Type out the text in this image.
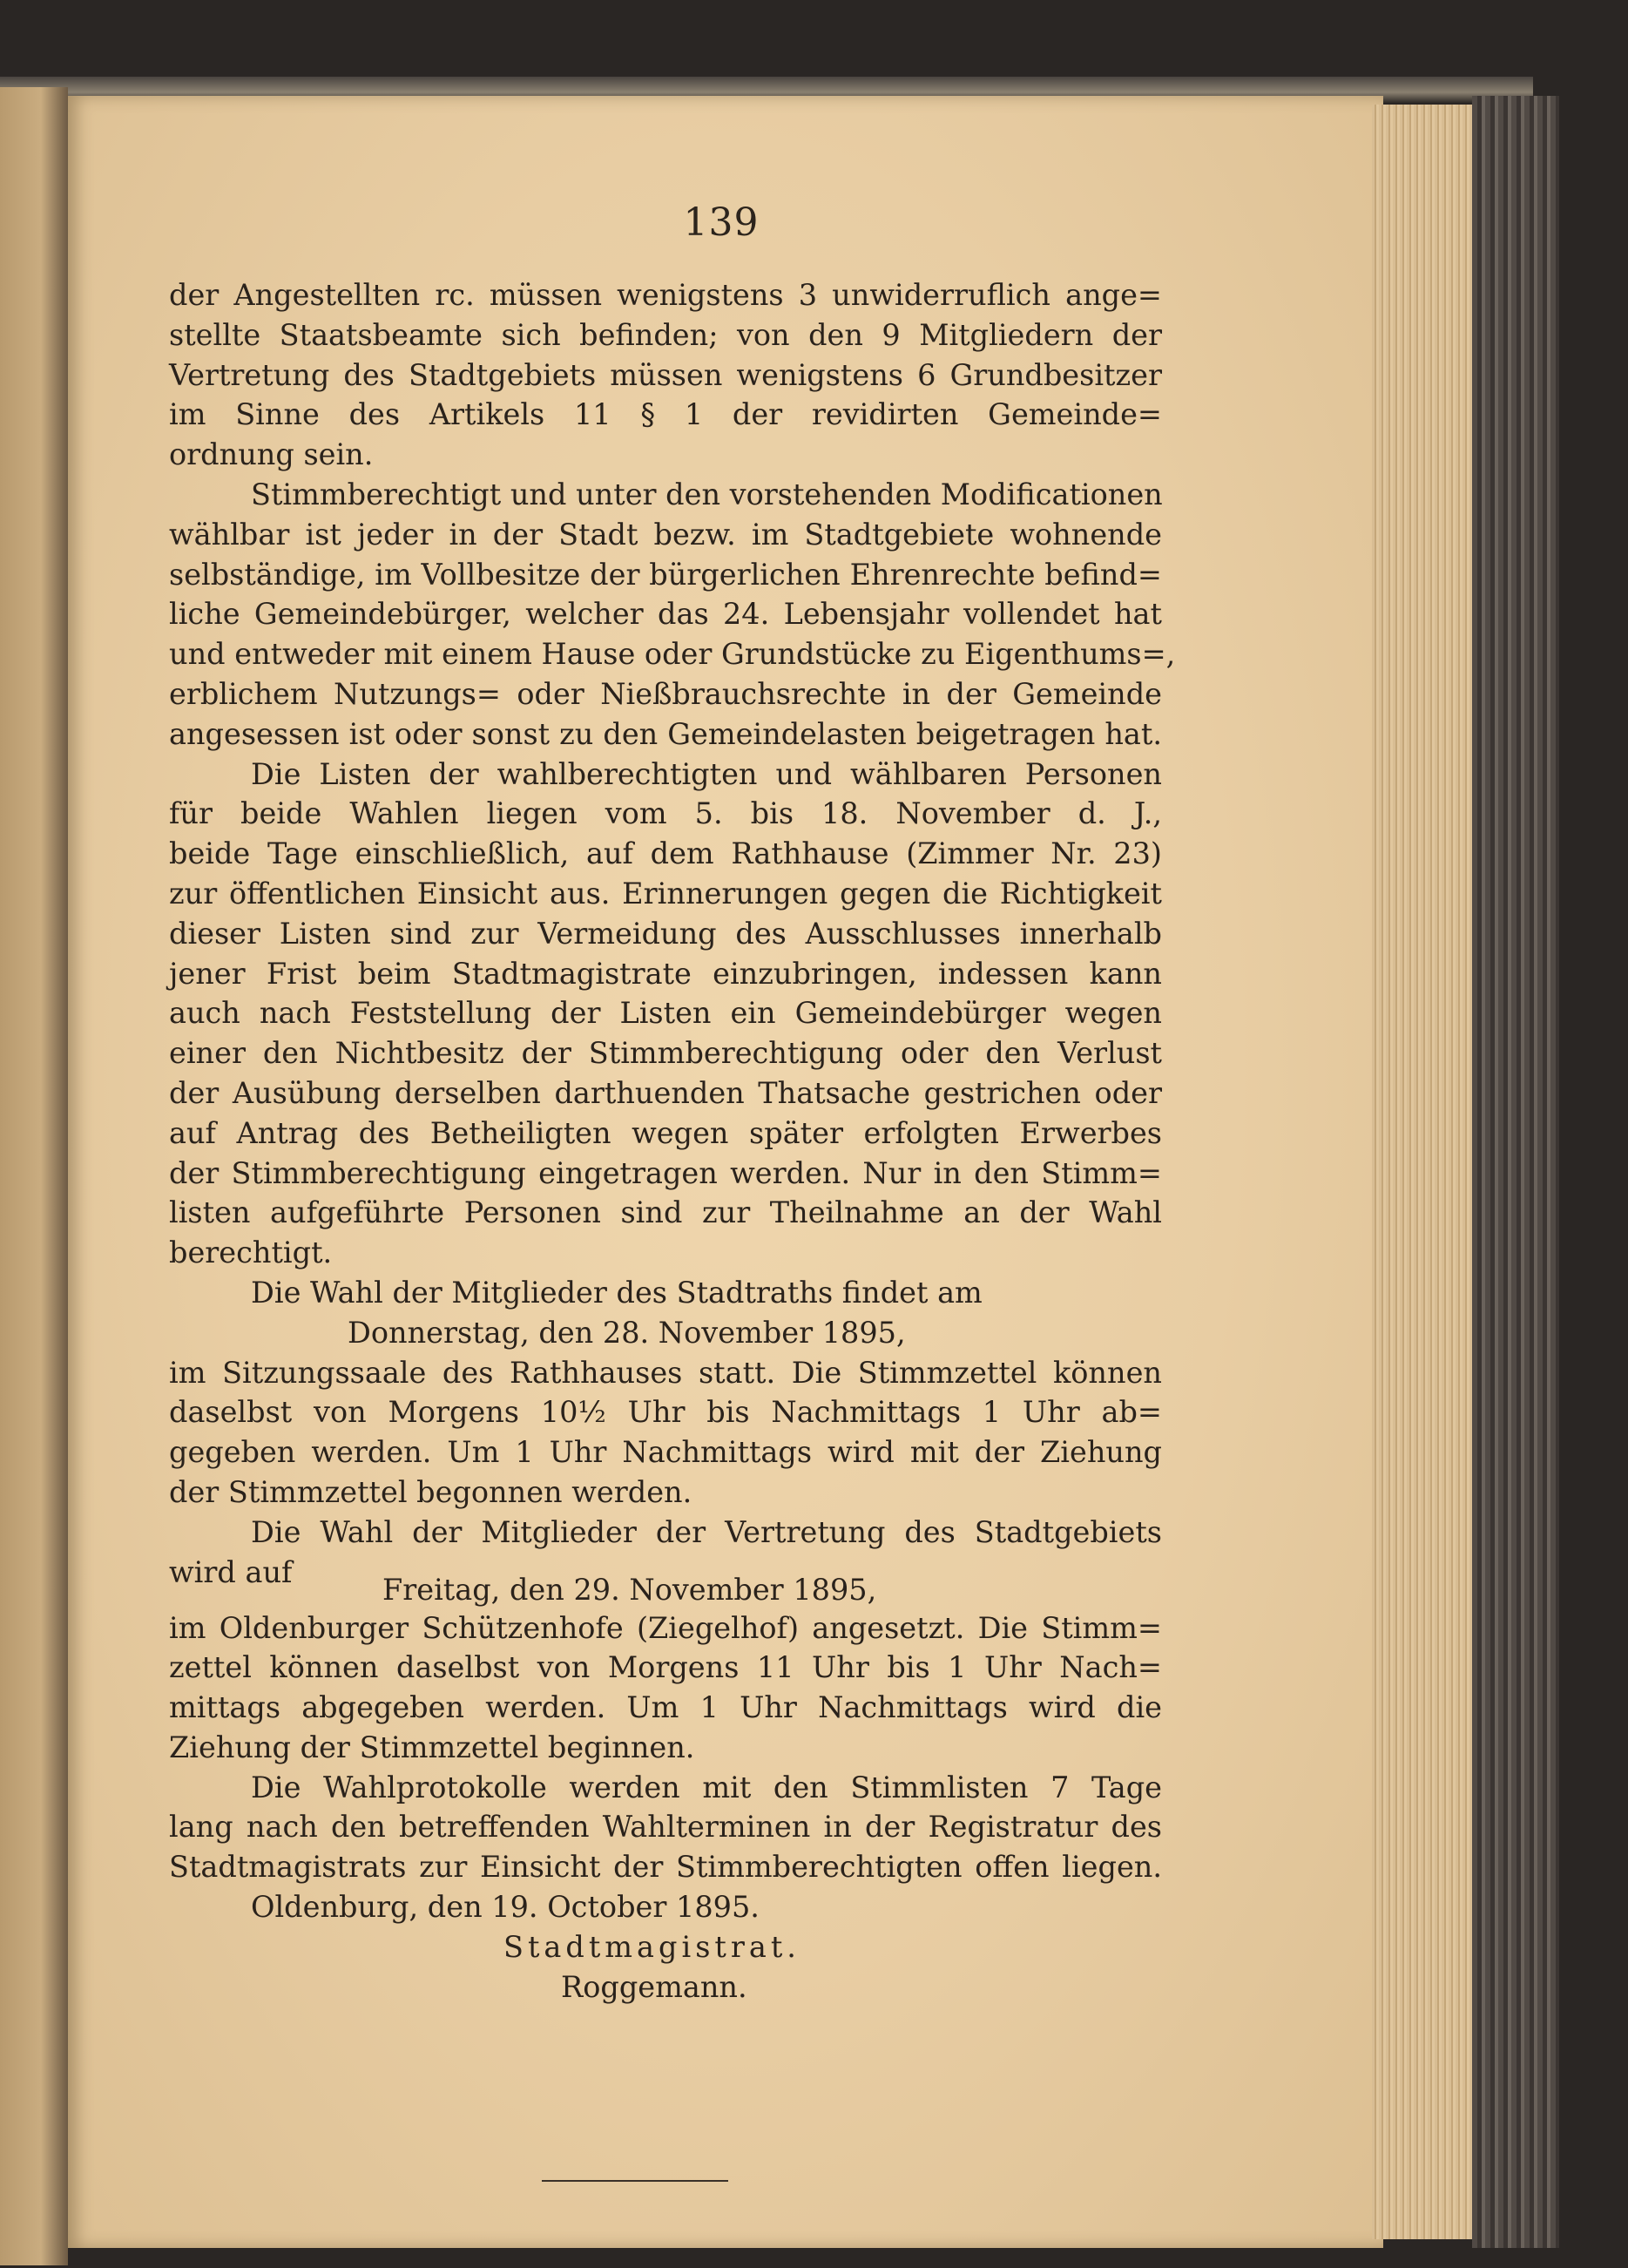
139
der Angestellten rc. müssen wenigstens 3 unwiderruflich ange=
stellte Staatsbeamte sich befinden; von den 9 Mitgliedern der
Vertretung des Stadtgebiets müssen wenigstens 6 Grundbesitzer
im Sinne des Artikels 11 § 1 der revidirten Gemeinde=
ordnung sein.
Stimmberechtigt und unter den vorstehenden Modificationen
wählbar ist jeder in der Stadt bezw. im Stadtgebiete wohnende
selbständige, im Vollbesitze der bürgerlichen Ehrenrechte befind=
liche Gemeindebürger, welcher das 24. Lebensjahr vollendet hat
und entweder mit einem Hause oder Grundstücke zu Eigenthums=,
erblichem Nutzungs= oder Nießbrauchsrechte in der Gemeinde
angesessen ist oder sonst zu den Gemeindelasten beigetragen hat.
Die Listen der wahlberechtigten und wählbaren Personen
für beide Wahlen liegen vom 5. bis 18. November d. J.,
beide Tage einschließlich, auf dem Rathhause (Zimmer Nr. 23)
zur öffentlichen Einsicht aus. Erinnerungen gegen die Richtigkeit
dieser Listen sind zur Vermeidung des Ausschlusses innerhalb
jener Frist beim Stadtmagistrate einzubringen, indessen kann
auch nach Feststellung der Listen ein Gemeindebürger wegen
einer den Nichtbesitz der Stimmberechtigung oder den Verlust
der Ausübung derselben darthuenden Thatsache gestrichen oder
auf Antrag des Betheiligten wegen später erfolgten Erwerbes
der Stimmberechtigung eingetragen werden. Nur in den Stimm=
listen aufgeführte Personen sind zur Theilnahme an der Wahl
berechtigt.
Die Wahl der Mitglieder des Stadtraths findet am
Donnerstag, den 28. November 1895,
im Sitzungssaale des Rathhauses statt. Die Stimmzettel können
daselbst von Morgens 10½ Uhr bis Nachmittags 1 Uhr ab=
gegeben werden. Um 1 Uhr Nachmittags wird mit der Ziehung
der Stimmzettel begonnen werden.
Die Wahl der Mitglieder der Vertretung des Stadtgebiets
wird auf
Freitag, den 29. November 1895,
im Oldenburger Schützenhofe (Ziegelhof) angesetzt. Die Stimm=
zettel können daselbst von Morgens 11 Uhr bis 1 Uhr Nach=
mittags abgegeben werden. Um 1 Uhr Nachmittags wird die
Ziehung der Stimmzettel beginnen.
Die Wahlprotokolle werden mit den Stimmlisten 7 Tage
lang nach den betreffenden Wahlterminen in der Registratur des
Stadtmagistrats zur Einsicht der Stimmberechtigten offen liegen.
Oldenburg, den 19. October 1895.
Stadtmagistrat.
Roggemann.
